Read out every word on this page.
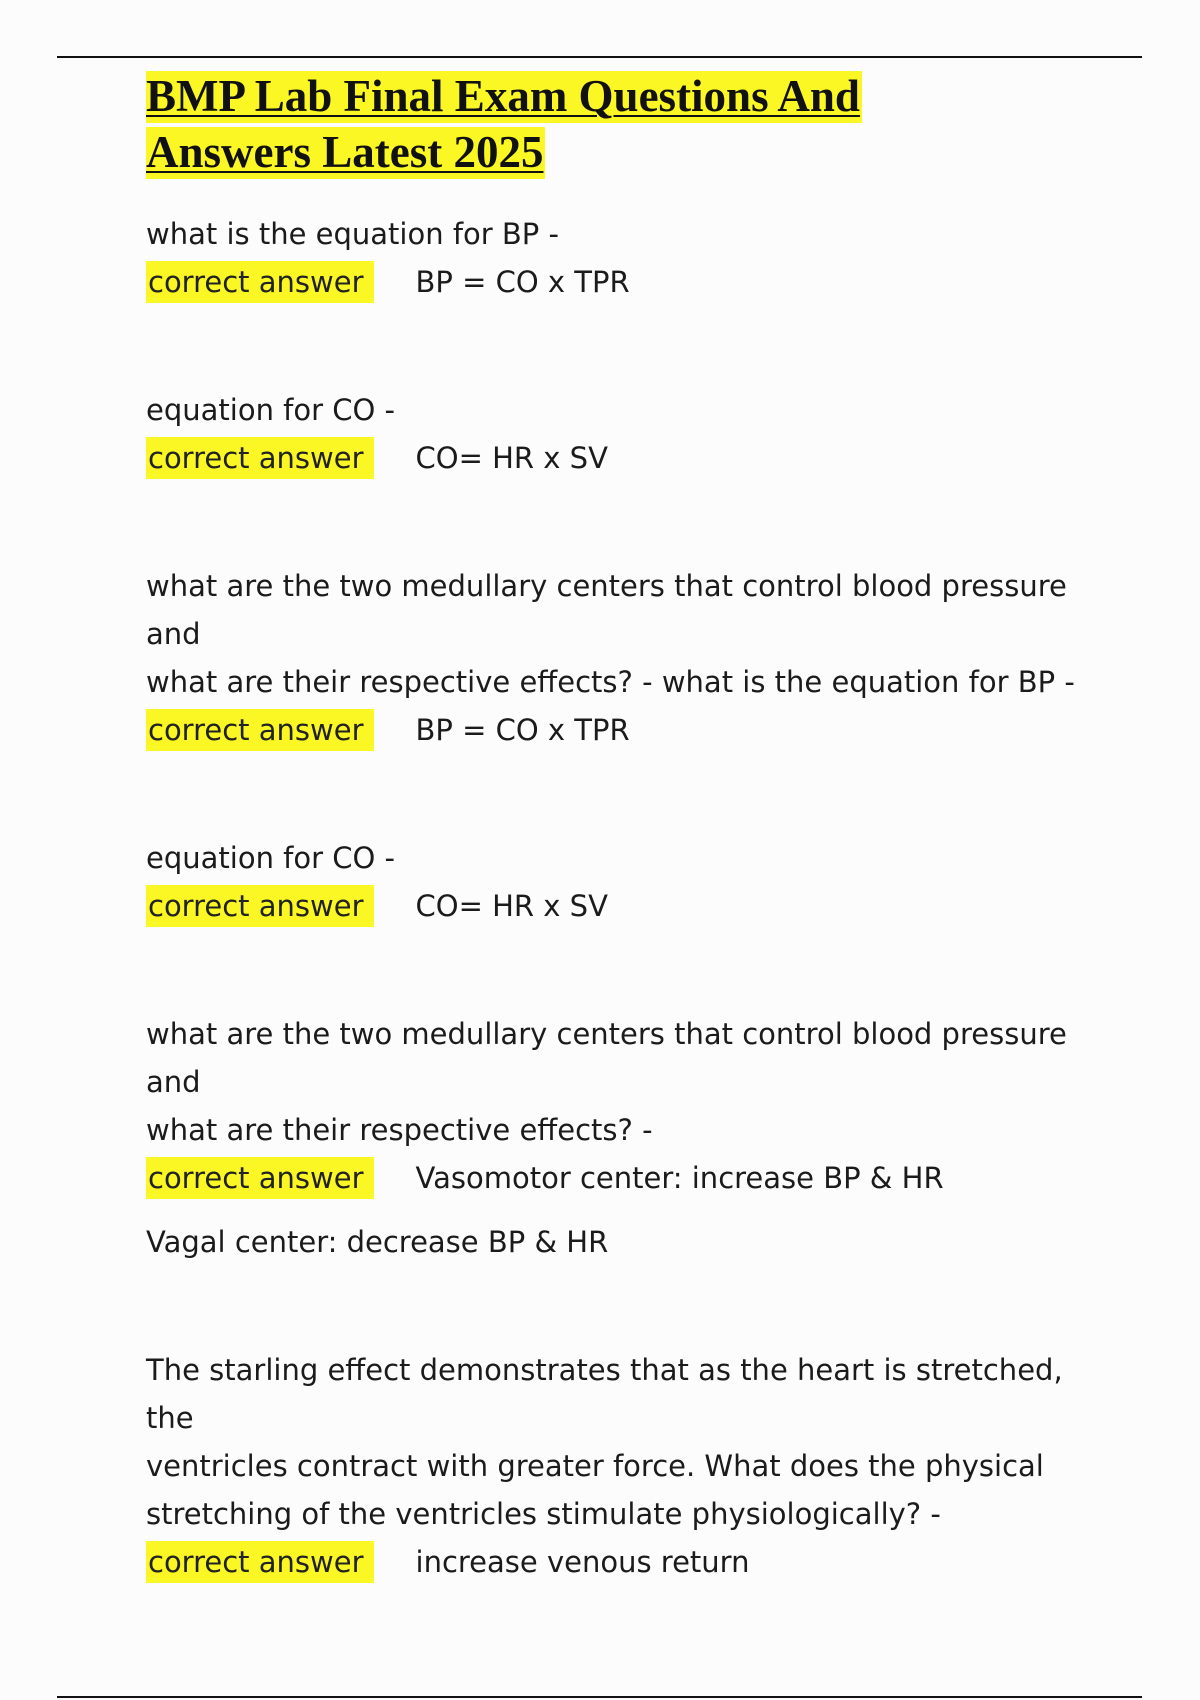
BMP Lab Final Exam Questions And
Answers Latest 2025
what is the equation for BP -
correct answer	BP = CO x TPR
equation for CO -
correct answer	CO= HR x SV
what are the two medullary centers that control blood pressure and
what are their respective effects? - what is the equation for BP -
correct answer	BP = CO x TPR
equation for CO -
correct answer	CO= HR x SV
what are the two medullary centers that control blood pressure and
what are their respective effects? -
correct answer	Vasomotor center: increase BP & HR
Vagal center: decrease BP & HR
The starling effect demonstrates that as the heart is stretched, the
ventricles contract with greater force. What does the physical
stretching of the ventricles stimulate physiologically? -
correct answer	increase venous return
